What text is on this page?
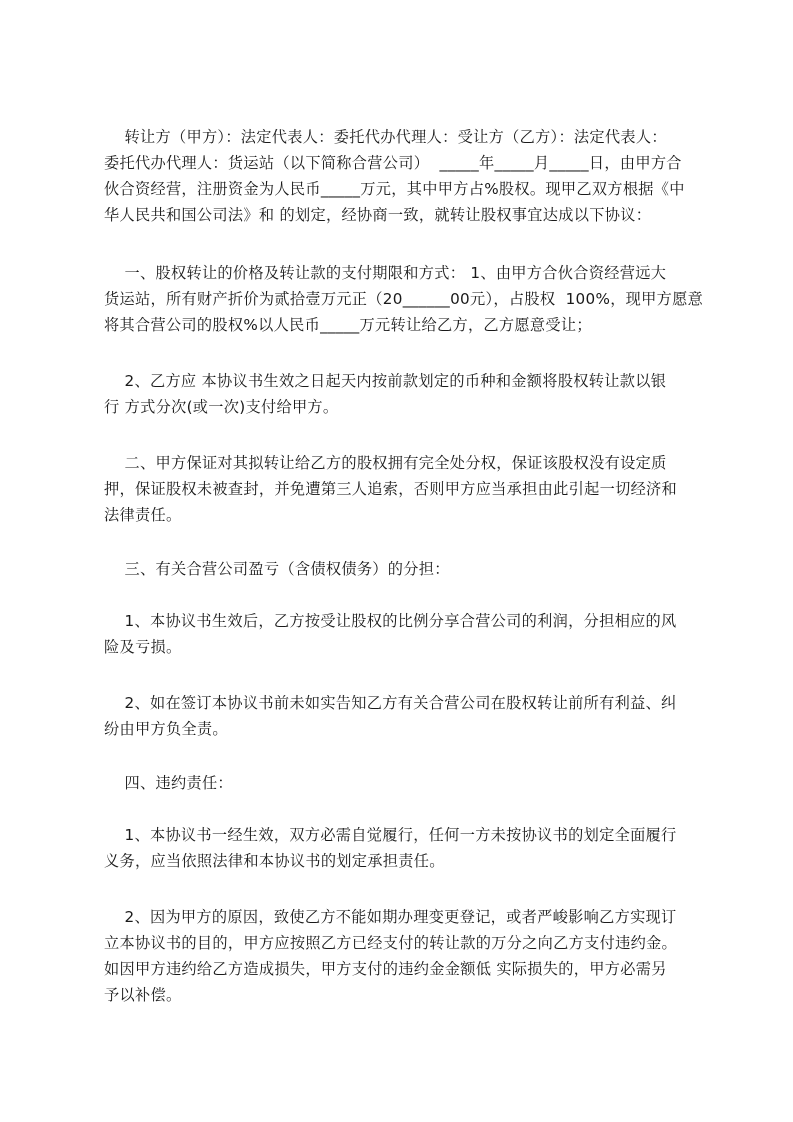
转让方（甲方）：法定代表人：委托代办代理人：受让方（乙方）：法定代表人：
委托代办代理人：货运站（以下简称合营公司）  _____年_____月_____日，由甲方合
伙合资经营，注册资金为人民币_____万元，其中甲方占%股权。现甲乙双方根据《中
华人民共和国公司法》和 的划定，经协商一致，就转让股权事宜达成以下协议：
一、股权转让的价格及转让款的支付期限和方式： 1、由甲方合伙合资经营远大
货运站，所有财产折价为贰拾壹万元正（20______00元），占股权  100%，现甲方愿意
将其合营公司的股权%以人民币_____万元转让给乙方，乙方愿意受让；
2、乙方应 本协议书生效之日起天内按前款划定的币种和金额将股权转让款以银
行 方式分次(或一次)支付给甲方。
二、甲方保证对其拟转让给乙方的股权拥有完全处分权，保证该股权没有设定质
押，保证股权未被查封，并免遭第三人追索，否则甲方应当承担由此引起一切经济和
法律责任。
三、有关合营公司盈亏（含债权债务）的分担：
1、本协议书生效后，乙方按受让股权的比例分享合营公司的利润，分担相应的风
险及亏损。
2、如在签订本协议书前未如实告知乙方有关合营公司在股权转让前所有利益、纠
纷由甲方负全责。
四、违约责任：
1、本协议书一经生效，双方必需自觉履行，任何一方未按协议书的划定全面履行
义务，应当依照法律和本协议书的划定承担责任。
2、因为甲方的原因，致使乙方不能如期办理变更登记，或者严峻影响乙方实现订
立本协议书的目的，甲方应按照乙方已经支付的转让款的万分之向乙方支付违约金。
如因甲方违约给乙方造成损失，甲方支付的违约金金额低 实际损失的，甲方必需另
予以补偿。
